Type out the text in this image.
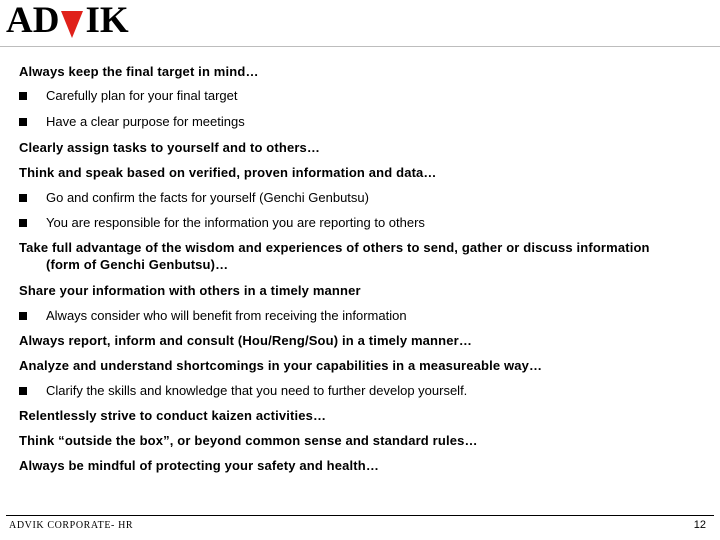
AD IK
Always keep the final target in mind…
Carefully plan for your final target
Have a clear purpose for meetings
Clearly assign tasks to yourself and to others…
Think and speak based on verified, proven information and data…
Go and confirm the facts for yourself (Genchi Genbutsu)
You are responsible for the information you are reporting to others
Take full advantage of the wisdom and experiences of others to send, gather or discuss information
(form of Genchi Genbutsu)…
Share your information with others in a timely manner
Always consider who will benefit from receiving the information
Always report, inform and consult (Hou/Reng/Sou) in a timely manner…
Analyze and understand shortcomings in your capabilities in a measureable way…
Clarify the skills and knowledge that you need to further develop yourself.
Relentlessly strive to conduct kaizen activities…
Think “outside the box”, or beyond common sense and standard rules…
Always be mindful of protecting your safety and health…
ADVIK CORPORATE- HR	12
